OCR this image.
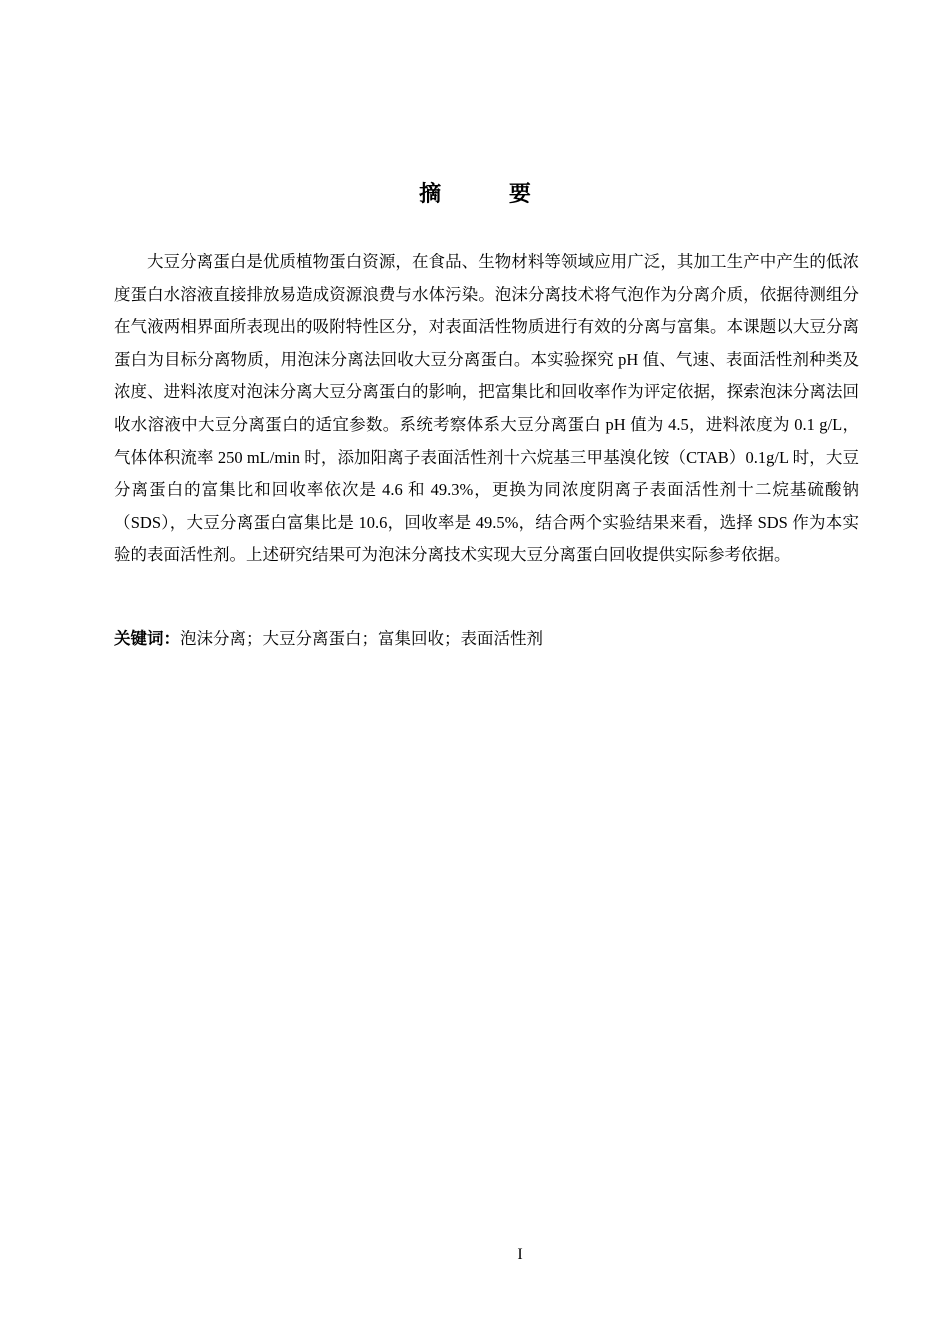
摘 要

大豆分离蛋白是优质植物蛋白资源，在食品、生物材料等领域应用广泛，其加工生产中产生的低浓度蛋白水溶液直接排放易造成资源浪费与水体污染。泡沫分离技术将气泡作为分离介质，依据待测组分在气液两相界面所表现出的吸附特性区分，对表面活性物质进行有效的分离与富集。本课题以大豆分离蛋白为目标分离物质，用泡沫分离法回收大豆分离蛋白。本实验探究 pH 值、气速、表面活性剂种类及浓度、进料浓度对泡沫分离大豆分离蛋白的影响，把富集比和回收率作为评定依据，探索泡沫分离法回收水溶液中大豆分离蛋白的适宜参数。系统考察体系大豆分离蛋白 pH 值为 4.5，进料浓度为 0.1 g/L，气体体积流率 250 mL/min 时，添加阳离子表面活性剂十六烷基三甲基溴化铵（CTAB）0.1g/L 时，大豆分离蛋白的富集比和回收率依次是 4.6 和 49.3%，更换为同浓度阴离子表面活性剂十二烷基硫酸钠（SDS），大豆分离蛋白富集比是 10.6，回收率是 49.5%，结合两个实验结果来看，选择 SDS 作为本实验的表面活性剂。上述研究结果可为泡沫分离技术实现大豆分离蛋白回收提供实际参考依据。

关键词：泡沫分离；大豆分离蛋白；富集回收；表面活性剂

I
